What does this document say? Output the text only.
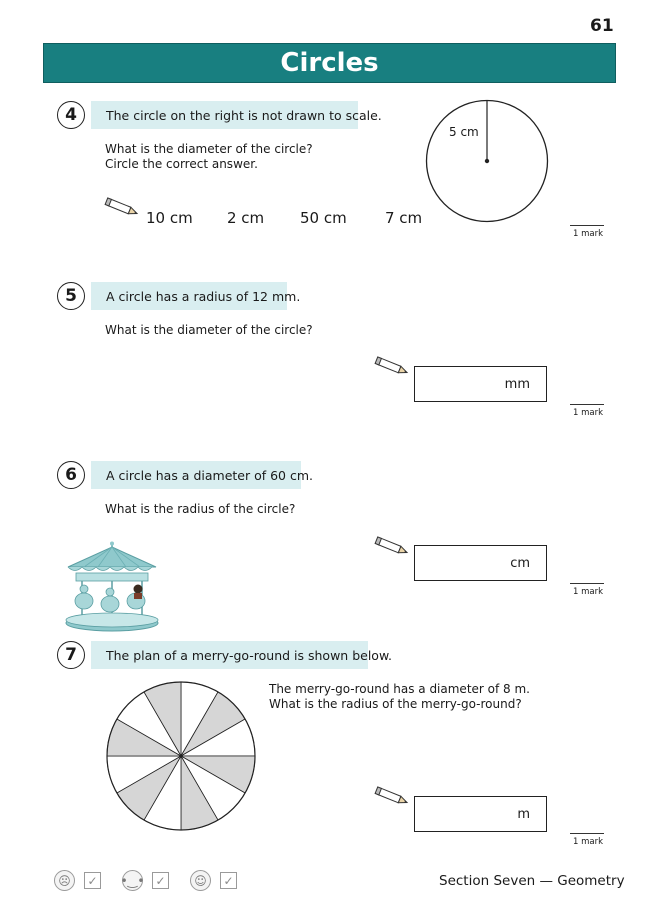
61
Circles
4	The circle on the right is not drawn to scale.
What is the diameter of the circle?
Circle the correct answer.
10 cm 2 cm 50 cm	7 cm
5 cm
1 mark
5	A circle has a radius of 12 mm.
What is the diameter of the circle?
mm
1 mark
6	A circle has a diameter of 60 cm.
What is the radius of the circle?
cm
1 mark
7	The plan of a merry-go-round is shown below.
The merry-go-round has a diameter of 8 m.
What is the radius of the merry-go-round?
m
1 mark
☹	✓ •‿• ✓	☺	✓	Section Seven — Geometry
